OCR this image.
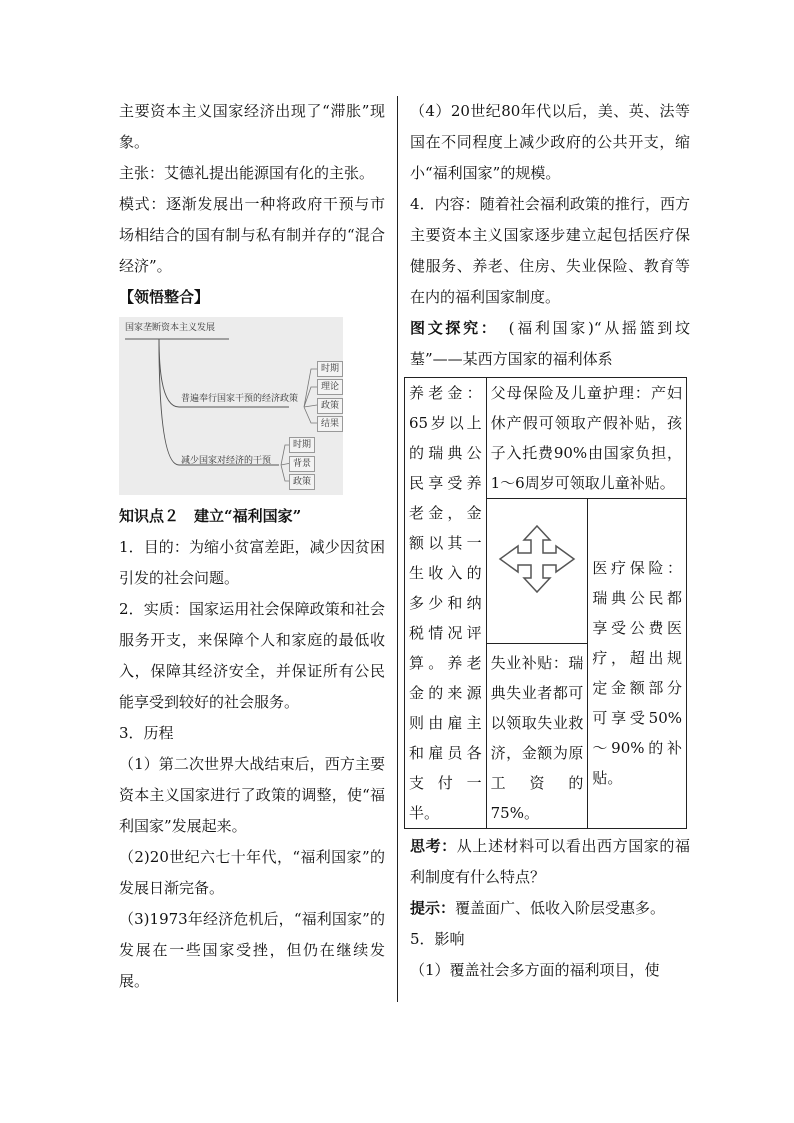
主要资本主义国家经济出现了“滞胀”现象。

主张：艾德礼提出能源国有化的主张。

模式：逐渐发展出一种将政府干预与市场相结合的国有制与私有制并存的“混合经济”。

【领悟整合】

国家垄断资本主义发展
普遍奉行国家干预的经济政策
时期
理论
政策
结果
减少国家对经济的干预
时期
背景
政策

知识点２　建立“福利国家”

1．目的：为缩小贫富差距，减少因贫困引发的社会问题。

2．实质：国家运用社会保障政策和社会服务开支，来保障个人和家庭的最低收入，保障其经济安全，并保证所有公民能享受到较好的社会服务。

3．历程

（1）第二次世界大战结束后，西方主要资本主义国家进行了政策的调整，使“福利国家”发展起来。

（2)20世纪六七十年代，“福利国家”的发展日渐完备。

（3)1973年经济危机后，“福利国家”的发展在一些国家受挫，但仍在继续发展。

（4）20世纪80年代以后，美、英、法等国在不同程度上减少政府的公共开支，缩小“福利国家”的规模。

4．内容：随着社会福利政策的推行，西方主要资本主义国家逐步建立起包括医疗保健服务、养老、住房、失业保险、教育等在内的福利国家制度。

图文探究：　(福利国家)“从摇篮到坟墓”——某西方国家的福利体系

养老金：65岁以上的瑞典公民享受养老金，金额以其一生收入的多少和纳税情况评算。养老金的来源则由雇主和雇员各支付一半。	父母保险及儿童护理：产妇休产假可领取产假补贴，孩子入托费90%由国家负担，1～6周岁可领取儿童补贴。	

	医疗保险：瑞典公民都享受公费医疗，超出规定金额部分可享受50%～90%的补贴。
	失业补贴：瑞典失业者都可以领取失业救济，金额为原工资的75%。	

思考：从上述材料可以看出西方国家的福利制度有什么特点？

提示：覆盖面广、低收入阶层受惠多。

5．影响

（1）覆盖社会多方面的福利项目，使
